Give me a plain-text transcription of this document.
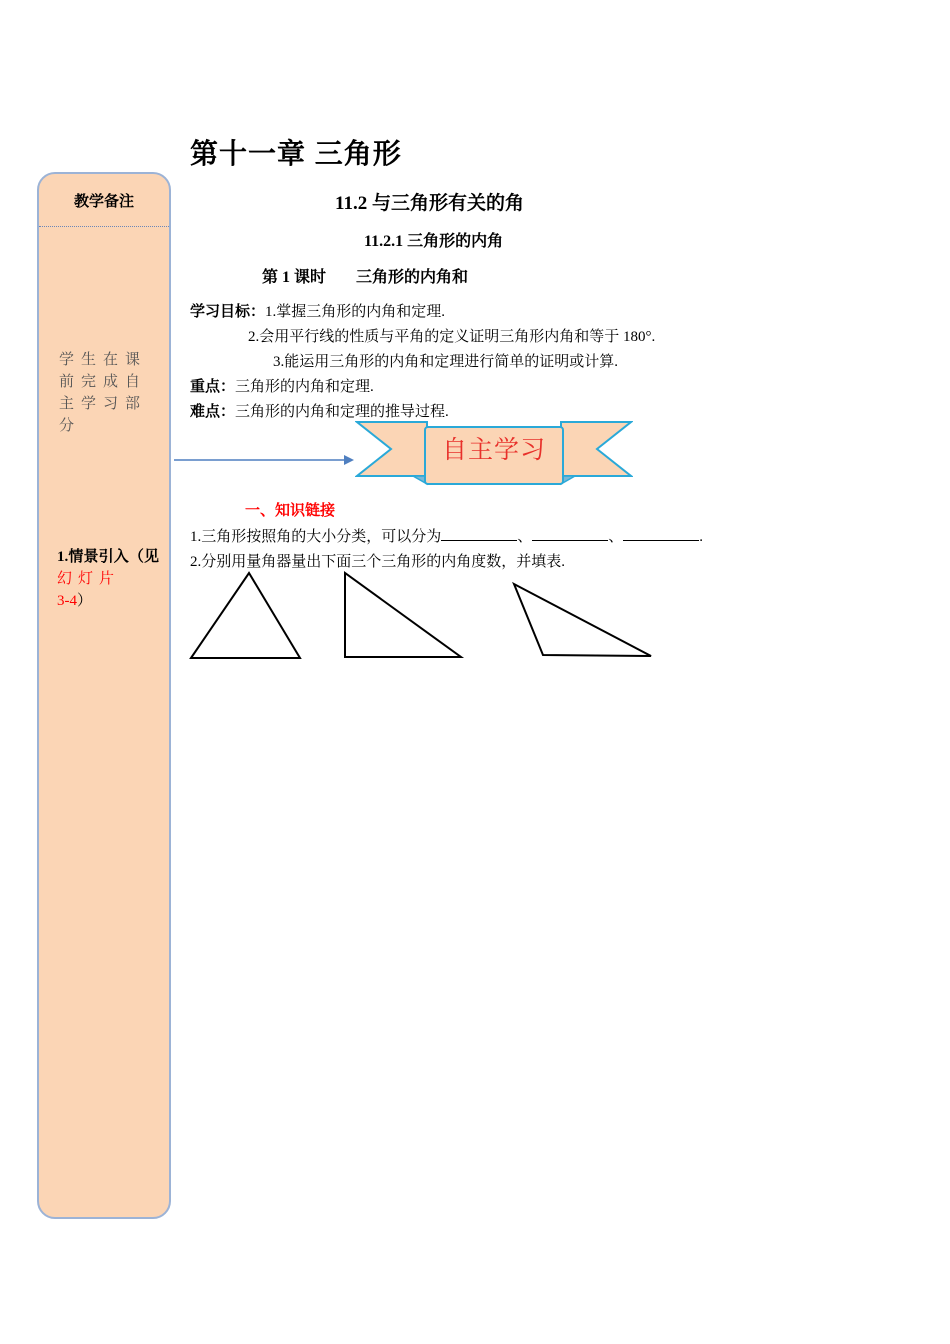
第十一章 三角形
教学备注
学生在课前完成自主学习部分
1.情景引入（见幻灯片
3-4）
11.2 与三角形有关的角
11.2.1 三角形的内角
第 1 课时 三角形的内角和
学习目标：1.掌握三角形的内角和定理.
2.会用平行线的性质与平角的定义证明三角形内角和等于 180°.
3.能运用三角形的内角和定理进行简单的证明或计算.
重点：三角形的内角和定理.
难点：三角形的内角和定理的推导过程.
自主学习
一、知识链接
1.三角形按照角的大小分类，可以分为	、	、	.
2.分别用量角器量出下面三个三角形的内角度数，并填表.
